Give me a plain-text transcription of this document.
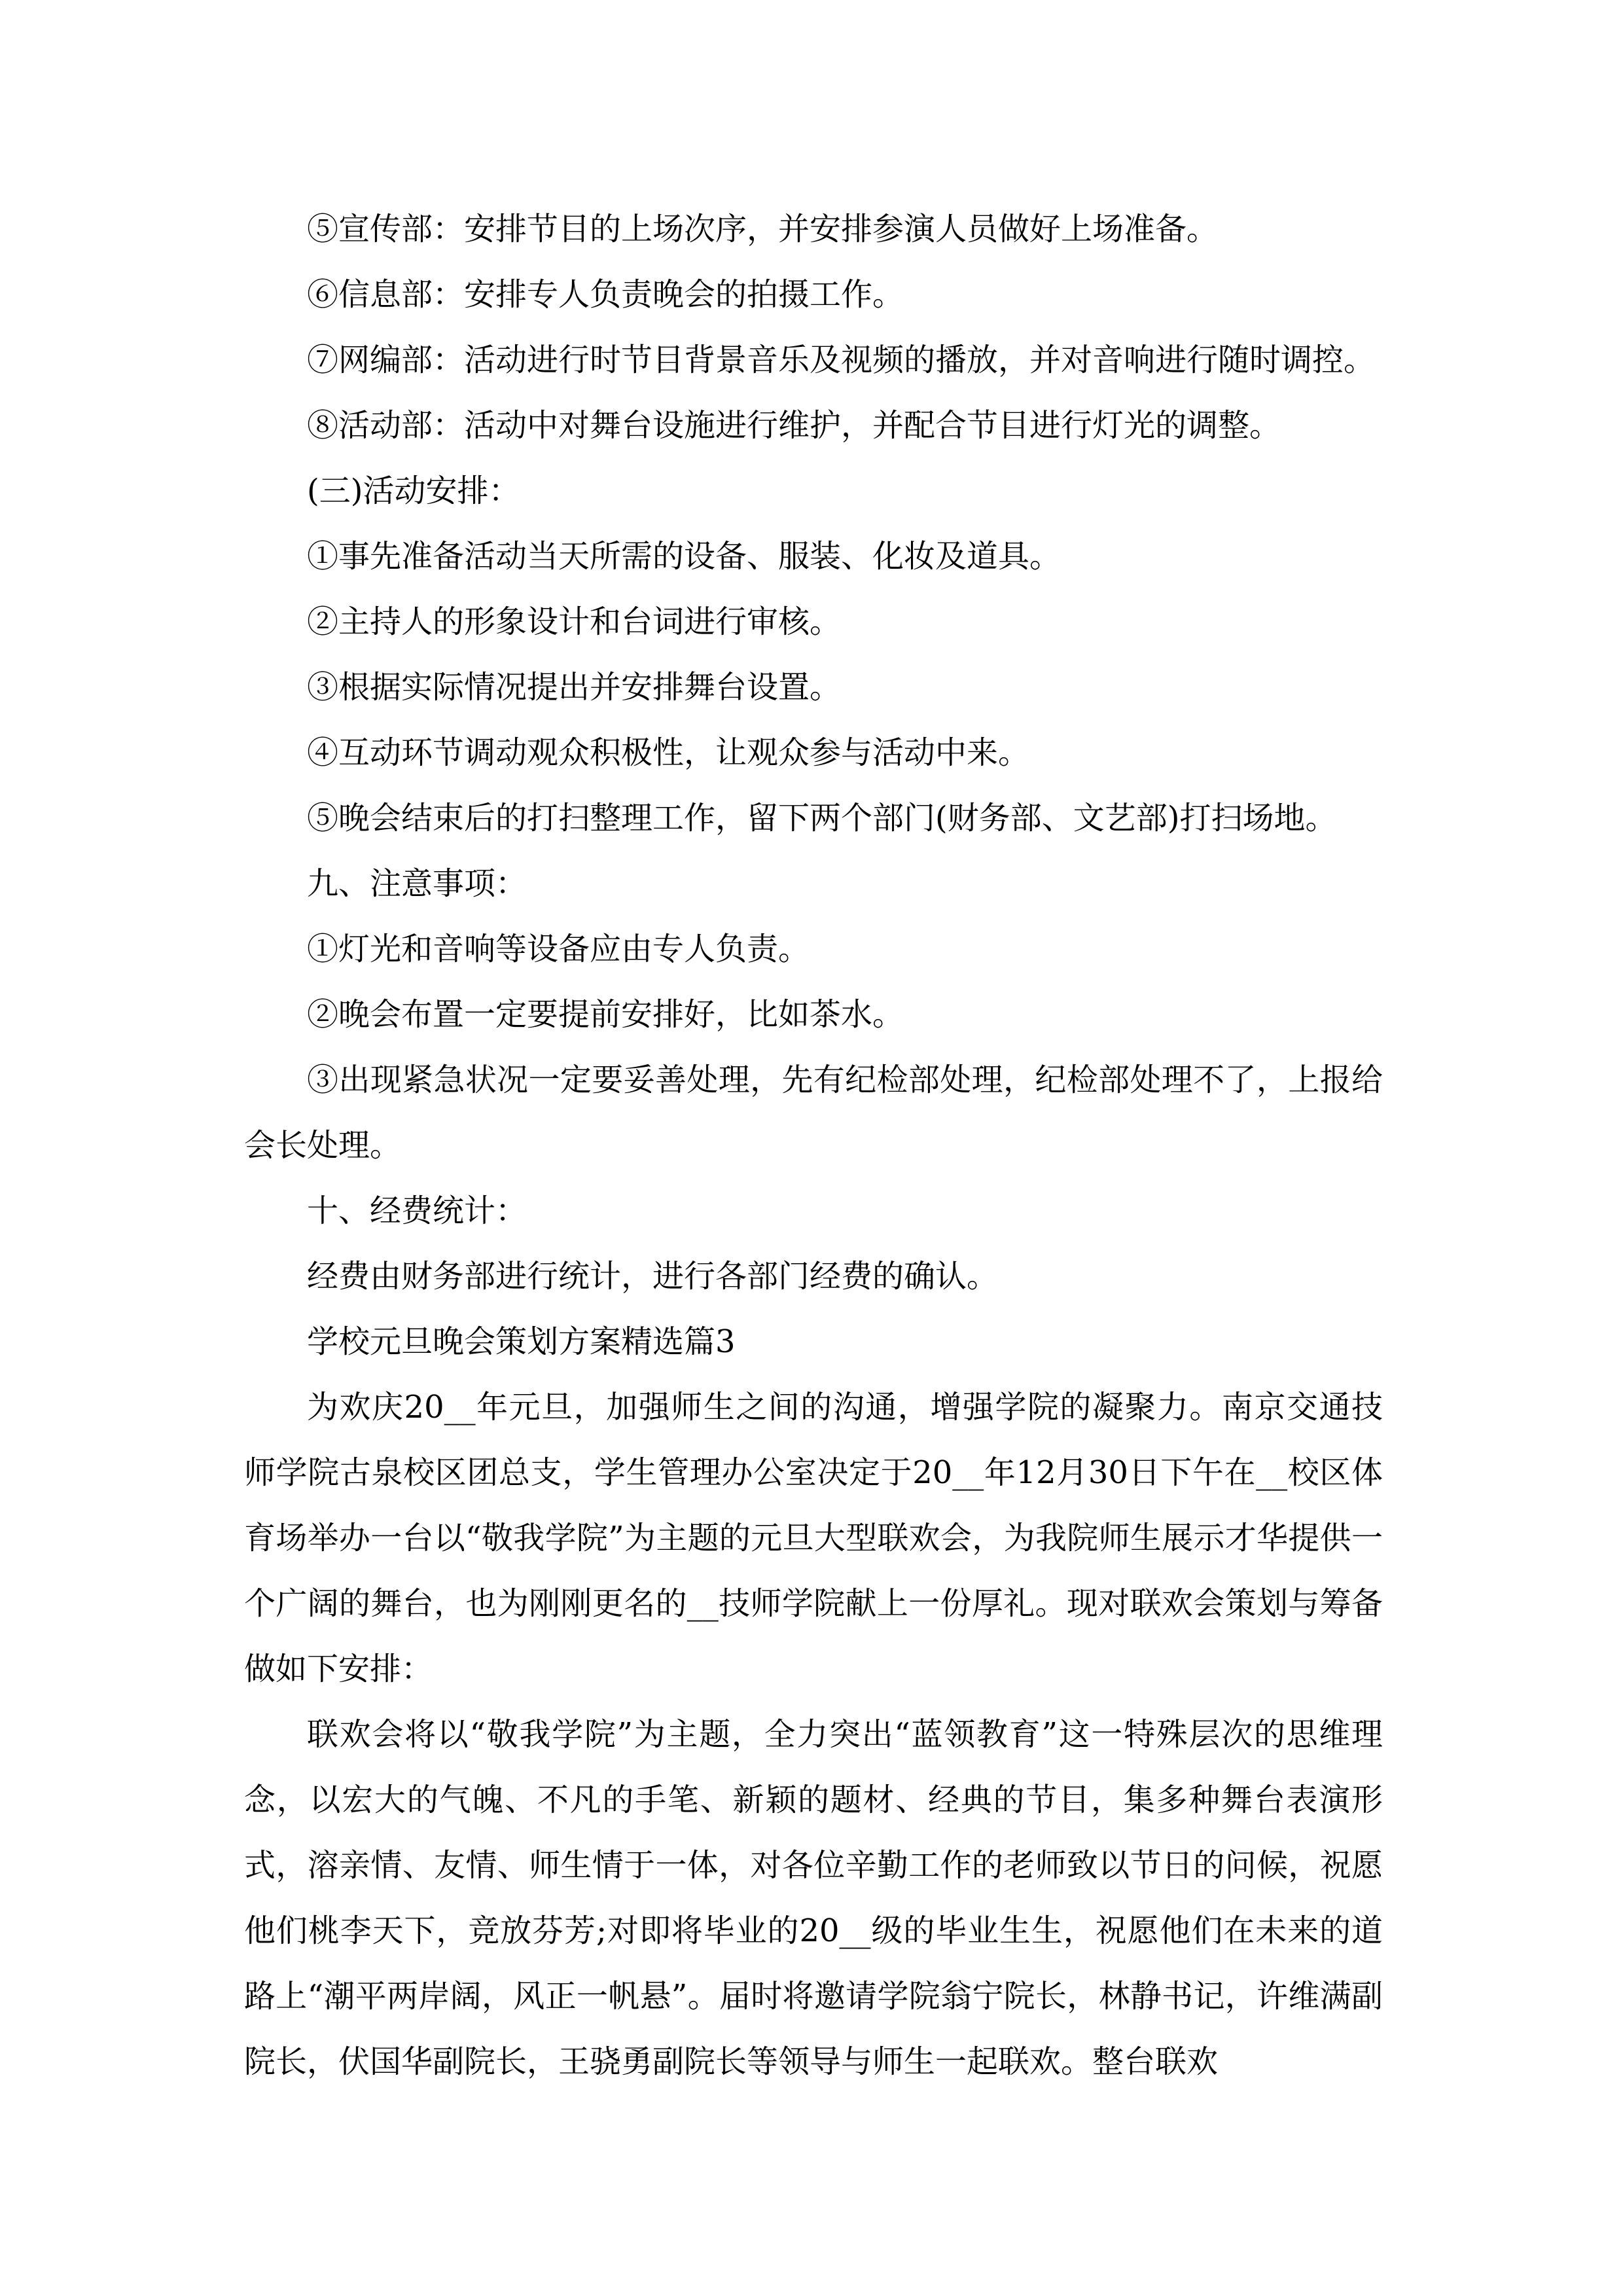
⑤宣传部：安排节目的上场次序，并安排参演人员做好上场准备。

⑥信息部：安排专人负责晚会的拍摄工作。

⑦网编部：活动进行时节目背景音乐及视频的播放，并对音响进行随时调控。

⑧活动部：活动中对舞台设施进行维护，并配合节目进行灯光的调整。

(三)活动安排：

①事先准备活动当天所需的设备、服装、化妆及道具。

②主持人的形象设计和台词进行审核。

③根据实际情况提出并安排舞台设置。

④互动环节调动观众积极性，让观众参与活动中来。

⑤晚会结束后的打扫整理工作，留下两个部门(财务部、文艺部)打扫场地。

九、注意事项：

①灯光和音响等设备应由专人负责。

②晚会布置一定要提前安排好，比如茶水。

③出现紧急状况一定要妥善处理，先有纪检部处理，纪检部处理不了，上报给会长处理。

十、经费统计：

经费由财务部进行统计，进行各部门经费的确认。

学校元旦晚会策划方案精选篇3

为欢庆20__年元旦，加强师生之间的沟通，增强学院的凝聚力。南京交通技师学院古泉校区团总支，学生管理办公室决定于20__年12月30日下午在__校区体育场举办一台以“敬我学院”为主题的元旦大型联欢会，为我院师生展示才华提供一个广阔的舞台，也为刚刚更名的__技师学院献上一份厚礼。现对联欢会策划与筹备做如下安排：

联欢会将以“敬我学院”为主题，全力突出“蓝领教育”这一特殊层次的思维理念，以宏大的气魄、不凡的手笔、新颖的题材、经典的节目，集多种舞台表演形式，溶亲情、友情、师生情于一体，对各位辛勤工作的老师致以节日的问候，祝愿他们桃李天下，竞放芬芳;对即将毕业的20__级的毕业生生，祝愿他们在未来的道路上“潮平两岸阔，风正一帆悬”。届时将邀请学院翁宁院长，林静书记，许维满副院长，伏国华副院长，王骁勇副院长等领导与师生一起联欢。整台联欢
